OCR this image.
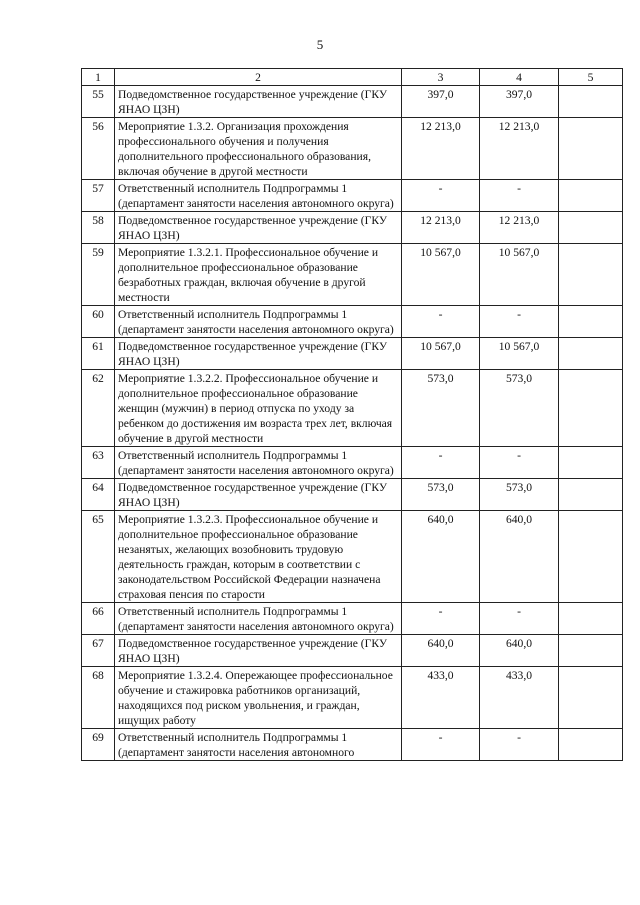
5
1	2	3	4	5
55	Подведомственное государственное учреждение (ГКУ ЯНАО ЦЗН)	397,0	397,0	
56	Мероприятие 1.3.2. Организация прохождения профессионального обучения и получения дополнительного профессионального образования, включая обучение в другой местности	12 213,0	12 213,0	
57	Ответственный исполнитель Подпрограммы 1 (департамент занятости населения автономного округа)	-	-	
58	Подведомственное государственное учреждение (ГКУ ЯНАО ЦЗН)	12 213,0	12 213,0	
59	Мероприятие 1.3.2.1. Профессиональное обучение и дополнительное профессиональное образование безработных граждан, включая обучение в другой местности	10 567,0	10 567,0	
60	Ответственный исполнитель Подпрограммы 1 (департамент занятости населения автономного округа)	-	-	
61	Подведомственное государственное учреждение (ГКУ ЯНАО ЦЗН)	10 567,0	10 567,0	
62	Мероприятие 1.3.2.2. Профессиональное обучение и дополнительное профессиональное образование женщин (мужчин) в период отпуска по уходу за ребенком до достижения им возраста трех лет, включая обучение в другой местности	573,0	573,0	
63	Ответственный исполнитель Подпрограммы 1 (департамент занятости населения автономного округа)	-	-	
64	Подведомственное государственное учреждение (ГКУ ЯНАО ЦЗН)	573,0	573,0	
65	Мероприятие 1.3.2.3. Профессиональное обучение и дополнительное профессиональное образование незанятых, желающих возобновить трудовую деятельность граждан, которым в соответствии с законодательством Российской Федерации назначена страховая пенсия по старости	640,0	640,0	
66	Ответственный исполнитель Подпрограммы 1 (департамент занятости населения автономного округа)	-	-	
67	Подведомственное государственное учреждение (ГКУ ЯНАО ЦЗН)	640,0	640,0	
68	Мероприятие 1.3.2.4. Опережающее профессиональное обучение и стажировка работников организаций, находящихся под риском увольнения, и граждан, ищущих работу	433,0	433,0	
69	Ответственный исполнитель Подпрограммы 1 (департамент занятости населения автономного	-	-	
